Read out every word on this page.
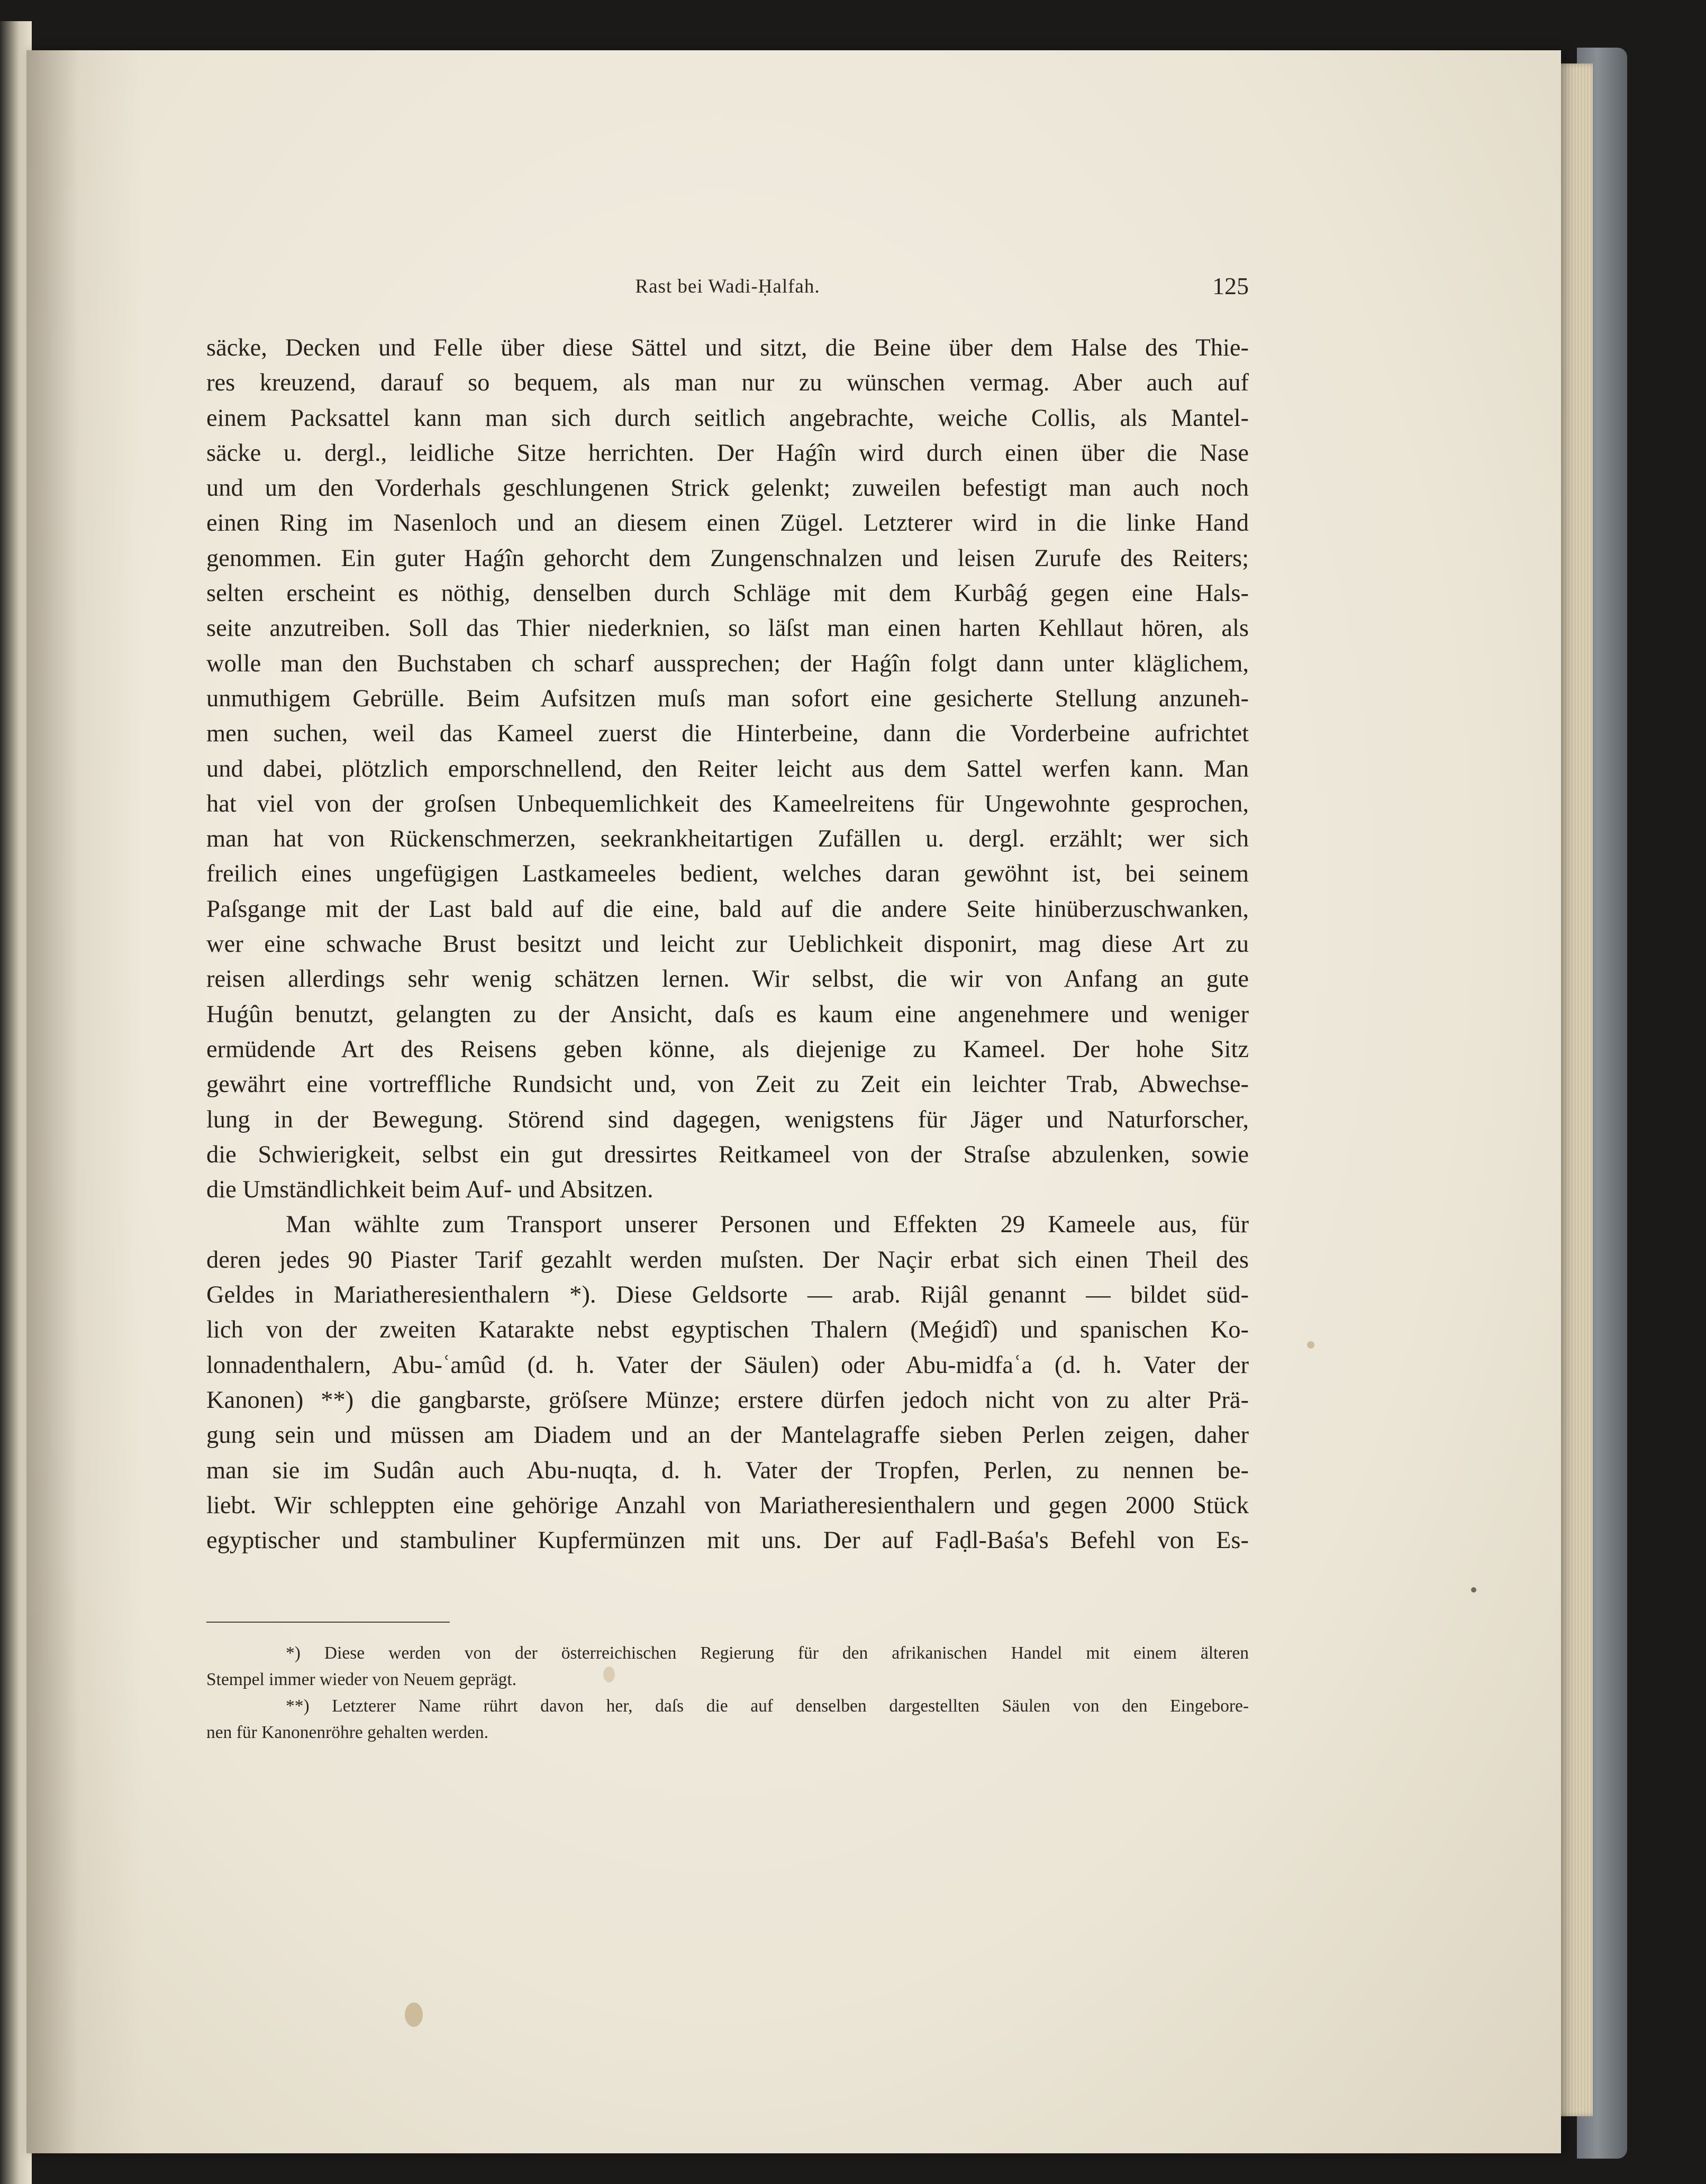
Rast bei Wadi-Ḥalfah.	125
säcke, Decken und Felle über diese Sättel und sitzt, die Beine über dem Halse des Thie-
res kreuzend, darauf so bequem, als man nur zu wünschen vermag. Aber auch auf
einem Packsattel kann man sich durch seitlich angebrachte, weiche Collis, als Mantel-
säcke u. dergl., leidliche Sitze herrichten. Der Haǵîn wird durch einen über die Nase
und um den Vorderhals geschlungenen Strick gelenkt; zuweilen befestigt man auch noch
einen Ring im Nasenloch und an diesem einen Zügel. Letzterer wird in die linke Hand
genommen. Ein guter Haǵîn gehorcht dem Zungenschnalzen und leisen Zurufe des Reiters;
selten erscheint es nöthig, denselben durch Schläge mit dem Kurbâǵ gegen eine Hals-
seite anzutreiben. Soll das Thier niederknien, so läſst man einen harten Kehllaut hören, als
wolle man den Buchstaben ch scharf aussprechen; der Haǵîn folgt dann unter kläglichem,
unmuthigem Gebrülle. Beim Aufsitzen muſs man sofort eine gesicherte Stellung anzuneh-
men suchen, weil das Kameel zuerst die Hinterbeine, dann die Vorderbeine aufrichtet
und dabei, plötzlich emporschnellend, den Reiter leicht aus dem Sattel werfen kann. Man
hat viel von der groſsen Unbequemlichkeit des Kameelreitens für Ungewohnte gesprochen,
man hat von Rückenschmerzen, seekrankheitartigen Zufällen u. dergl. erzählt; wer sich
freilich eines ungefügigen Lastkameeles bedient, welches daran gewöhnt ist, bei seinem
Paſsgange mit der Last bald auf die eine, bald auf die andere Seite hinüberzuschwanken,
wer eine schwache Brust besitzt und leicht zur Ueblichkeit disponirt, mag diese Art zu
reisen allerdings sehr wenig schätzen lernen. Wir selbst, die wir von Anfang an gute
Huǵûn benutzt, gelangten zu der Ansicht, daſs es kaum eine angenehmere und weniger
ermüdende Art des Reisens geben könne, als diejenige zu Kameel. Der hohe Sitz
gewährt eine vortreffliche Rundsicht und, von Zeit zu Zeit ein leichter Trab, Abwechse-
lung in der Bewegung. Störend sind dagegen, wenigstens für Jäger und Naturforscher,
die Schwierigkeit, selbst ein gut dressirtes Reitkameel von der Straſse abzulenken, sowie
die Umständlichkeit beim Auf- und Absitzen.
Man wählte zum Transport unserer Personen und Effekten 29 Kameele aus, für
deren jedes 90 Piaster Tarif gezahlt werden muſsten. Der Naçir erbat sich einen Theil des
Geldes in Mariatheresienthalern *). Diese Geldsorte — arab. Rijâl genannt — bildet süd-
lich von der zweiten Katarakte nebst egyptischen Thalern (Meǵidî) und spanischen Ko-
lonnadenthalern, Abu-ʿamûd (d. h. Vater der Säulen) oder Abu-midfaʿa (d. h. Vater der
Kanonen) **) die gangbarste, gröſsere Münze; erstere dürfen jedoch nicht von zu alter Prä-
gung sein und müssen am Diadem und an der Mantelagraffe sieben Perlen zeigen, daher
man sie im Sudân auch Abu-nuqta, d. h. Vater der Tropfen, Perlen, zu nennen be-
liebt. Wir schleppten eine gehörige Anzahl von Mariatheresienthalern und gegen 2000 Stück
egyptischer und stambuliner Kupfermünzen mit uns. Der auf Faḍl-Baśa's Befehl von Es-
*) Diese werden von der österreichischen Regierung für den afrikanischen Handel mit einem älteren
Stempel immer wieder von Neuem geprägt.
**) Letzterer Name rührt davon her, daſs die auf denselben dargestellten Säulen von den Eingebore-
nen für Kanonenröhre gehalten werden.
